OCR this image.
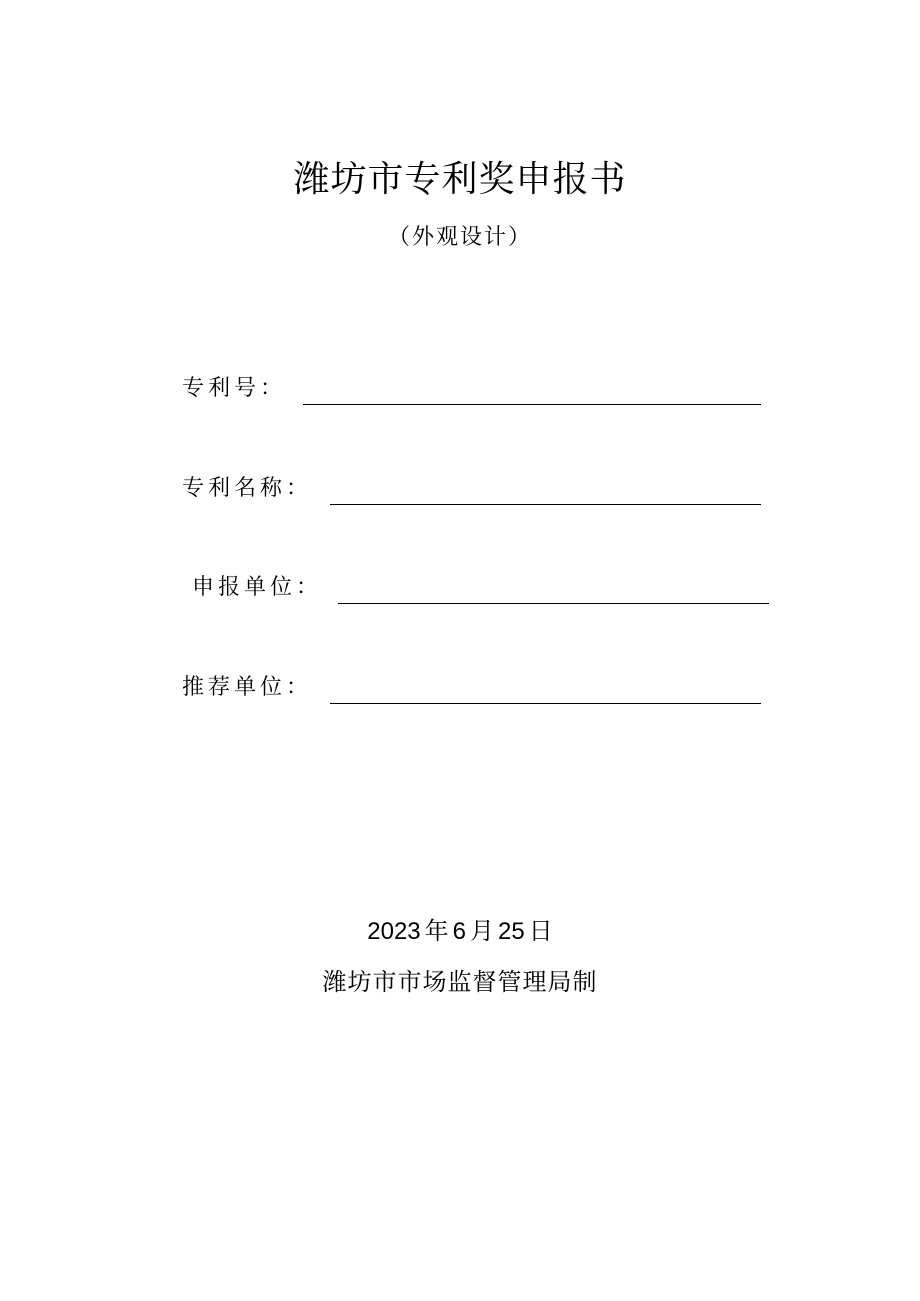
潍坊市专利奖申报书
（外观设计）
专利号：
专利名称：
申报单位：
推荐单位：
2023 年 6 月 25 日
潍坊市市场监督管理局制
